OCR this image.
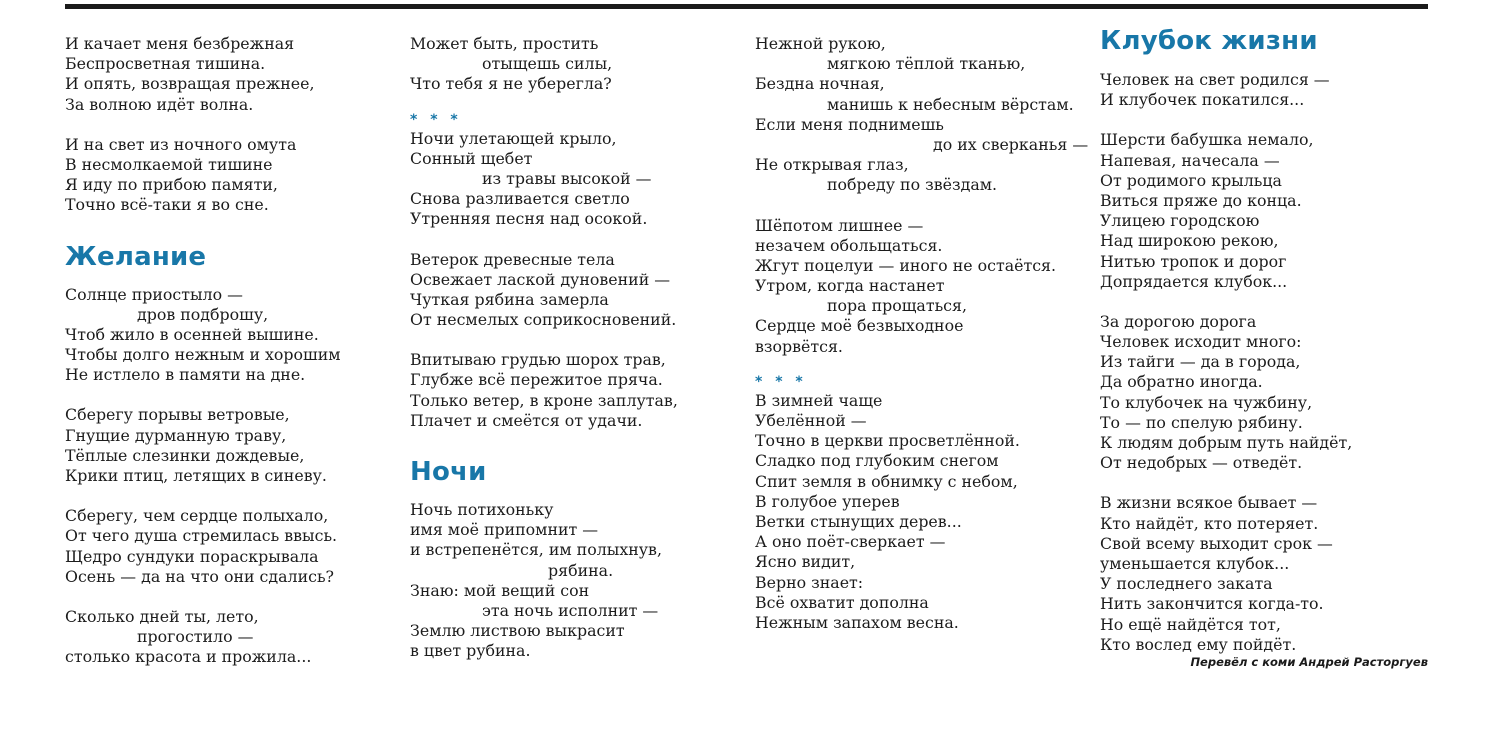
И качает меня безбрежная
Беспросветная тишина.
И опять, возвращая прежнее,
За волною идёт волна.
И на свет из ночного омута
В несмолкаемой тишине
Я иду по прибою памяти,
Точно всё-таки я во сне.
Желание
Солнце приостыло —
дров подброшу,
Чтоб жило в осенней вышине.
Чтобы долго нежным и хорошим
Не истлело в памяти на дне.
Сберегу порывы ветровые,
Гнущие дурманную траву,
Тёплые слезинки дождевые,
Крики птиц, летящих в синеву.
Сберегу, чем сердце полыхало,
От чего душа стремилась ввысь.
Щедро сундуки пораскрывала
Осень — да на что они сдались?
Сколько дней ты, лето,
прогостило —
столько красота и прожила...
Может быть, простить
отыщешь силы,
Что тебя я не уберегла?
* * *
Ночи улетающей крыло,
Сонный щебет
из травы высокой —
Снова разливается светло
Утренняя песня над осокой.
Ветерок древесные тела
Освежает лаской дуновений —
Чуткая рябина замерла
От несмелых соприкосновений.
Впитываю грудью шорох трав,
Глубже всё пережитое пряча.
Только ветер, в кроне заплутав,
Плачет и смеётся от удачи.
Ночи
Ночь потихоньку
имя моё припомнит —
и встрепенётся, им полыхнув,
рябина.
Знаю: мой вещий сон
эта ночь исполнит —
Землю листвою выкрасит
в цвет рубина.
Нежной рукою,
мягкою тёплой тканью,
Бездна ночная,
манишь к небесным вёрстам.
Если меня поднимешь
до их сверканья —
Не открывая глаз,
побреду по звёздам.
Шёпотом лишнее —
незачем обольщаться.
Жгут поцелуи — иного не остаётся.
Утром, когда настанет
пора прощаться,
Сердце моё безвыходное
взорвётся.
* * *
В зимней чаще
Убелённой —
Точно в церкви просветлённой.
Сладко под глубоким снегом
Спит земля в обнимку с небом,
В голубое уперев
Ветки стынущих дерев...
А оно поёт-сверкает —
Ясно видит,
Верно знает:
Всё охватит дополна
Нежным запахом весна.
Клубок жизни
Человек на свет родился —
И клубочек покатился...
Шерсти бабушка немало,
Напевая, начесала —
От родимого крыльца
Виться пряже до конца.
Улицею городскою
Над широкою рекою,
Нитью тропок и дорог
Допрядается клубок...
За дорогою дорога
Человек исходит много:
Из тайги — да в города,
Да обратно иногда.
То клубочек на чужбину,
То — по спелую рябину.
К людям добрым путь найдёт,
От недобрых — отведёт.
В жизни всякое бывает —
Кто найдёт, кто потеряет.
Свой всему выходит срок —
уменьшается клубок...
У последнего заката
Нить закончится когда-то.
Но ещё найдётся тот,
Кто вослед ему пойдёт.
Перевёл с коми Андрей Расторгуев
